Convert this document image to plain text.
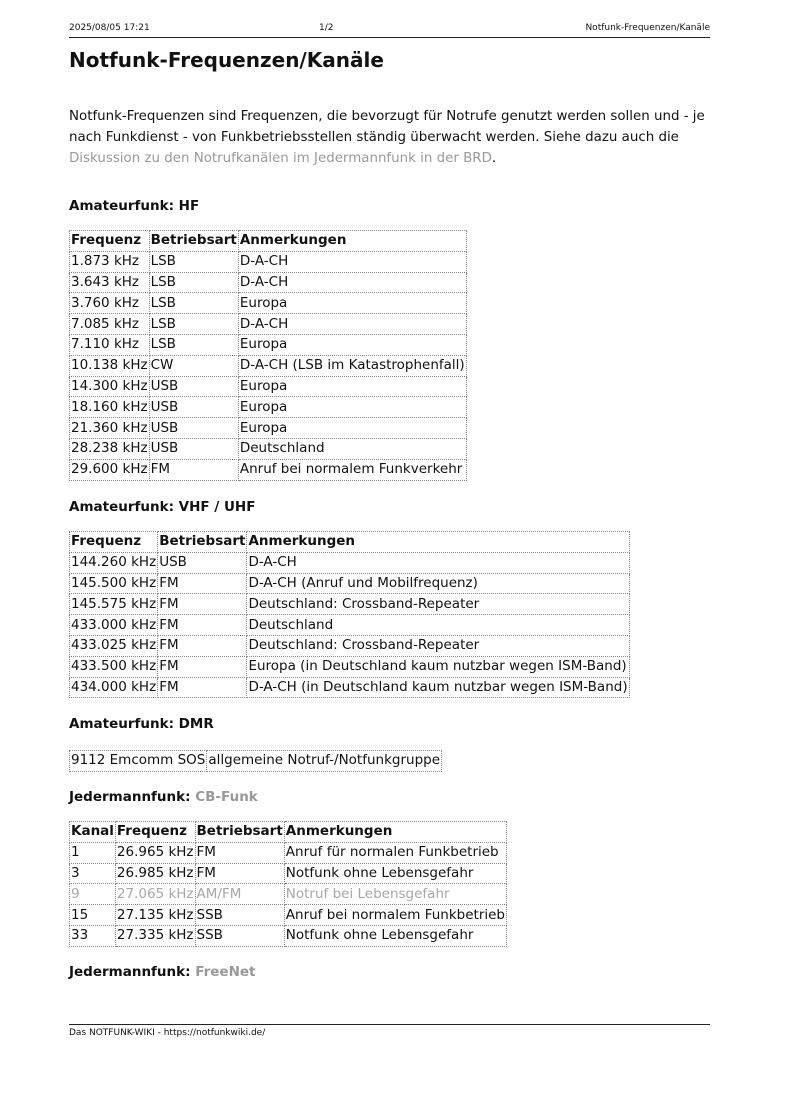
2025/08/05 17:21	1/2	Notfunk-Frequenzen/Kanäle
Notfunk-Frequenzen/Kanäle

Notfunk-Frequenzen sind Frequenzen, die bevorzugt für Notrufe genutzt werden sollen und - je nach Funkdienst - von Funkbetriebsstellen ständig überwacht werden. Siehe dazu auch die Diskussion zu den Notrufkanälen im Jedermannfunk in der BRD.

Amateurfunk: HF
Frequenz	Betriebsart	Anmerkungen
1.873 kHz	LSB	D-A-CH
3.643 kHz	LSB	D-A-CH
3.760 kHz	LSB	Europa
7.085 kHz	LSB	D-A-CH
7.110 kHz	LSB	Europa
10.138 kHz	CW	D-A-CH (LSB im Katastrophenfall)
14.300 kHz	USB	Europa
18.160 kHz	USB	Europa
21.360 kHz	USB	Europa
28.238 kHz	USB	Deutschland
29.600 kHz	FM	Anruf bei normalem Funkverkehr
Amateurfunk: VHF / UHF
Frequenz	Betriebsart	Anmerkungen
144.260 kHz	USB	D-A-CH
145.500 kHz	FM	D-A-CH (Anruf und Mobilfrequenz)
145.575 kHz	FM	Deutschland: Crossband-Repeater
433.000 kHz	FM	Deutschland
433.025 kHz	FM	Deutschland: Crossband-Repeater
433.500 kHz	FM	Europa (in Deutschland kaum nutzbar wegen ISM-Band)
434.000 kHz	FM	D-A-CH (in Deutschland kaum nutzbar wegen ISM-Band)
Amateurfunk: DMR
9112 Emcomm SOS	allgemeine Notruf-/Notfunkgruppe
Jedermannfunk: CB-Funk
Kanal	Frequenz	Betriebsart	Anmerkungen
1	26.965 kHz	FM	Anruf für normalen Funkbetrieb
3	26.985 kHz	FM	Notfunk ohne Lebensgefahr
9	27.065 kHz	AM/FM	Notruf bei Lebensgefahr
15	27.135 kHz	SSB	Anruf bei normalem Funkbetrieb
33	27.335 kHz	SSB	Notfunk ohne Lebensgefahr
Jedermannfunk: FreeNet
Das NOTFUNK-WIKI - https://notfunkwiki.de/
